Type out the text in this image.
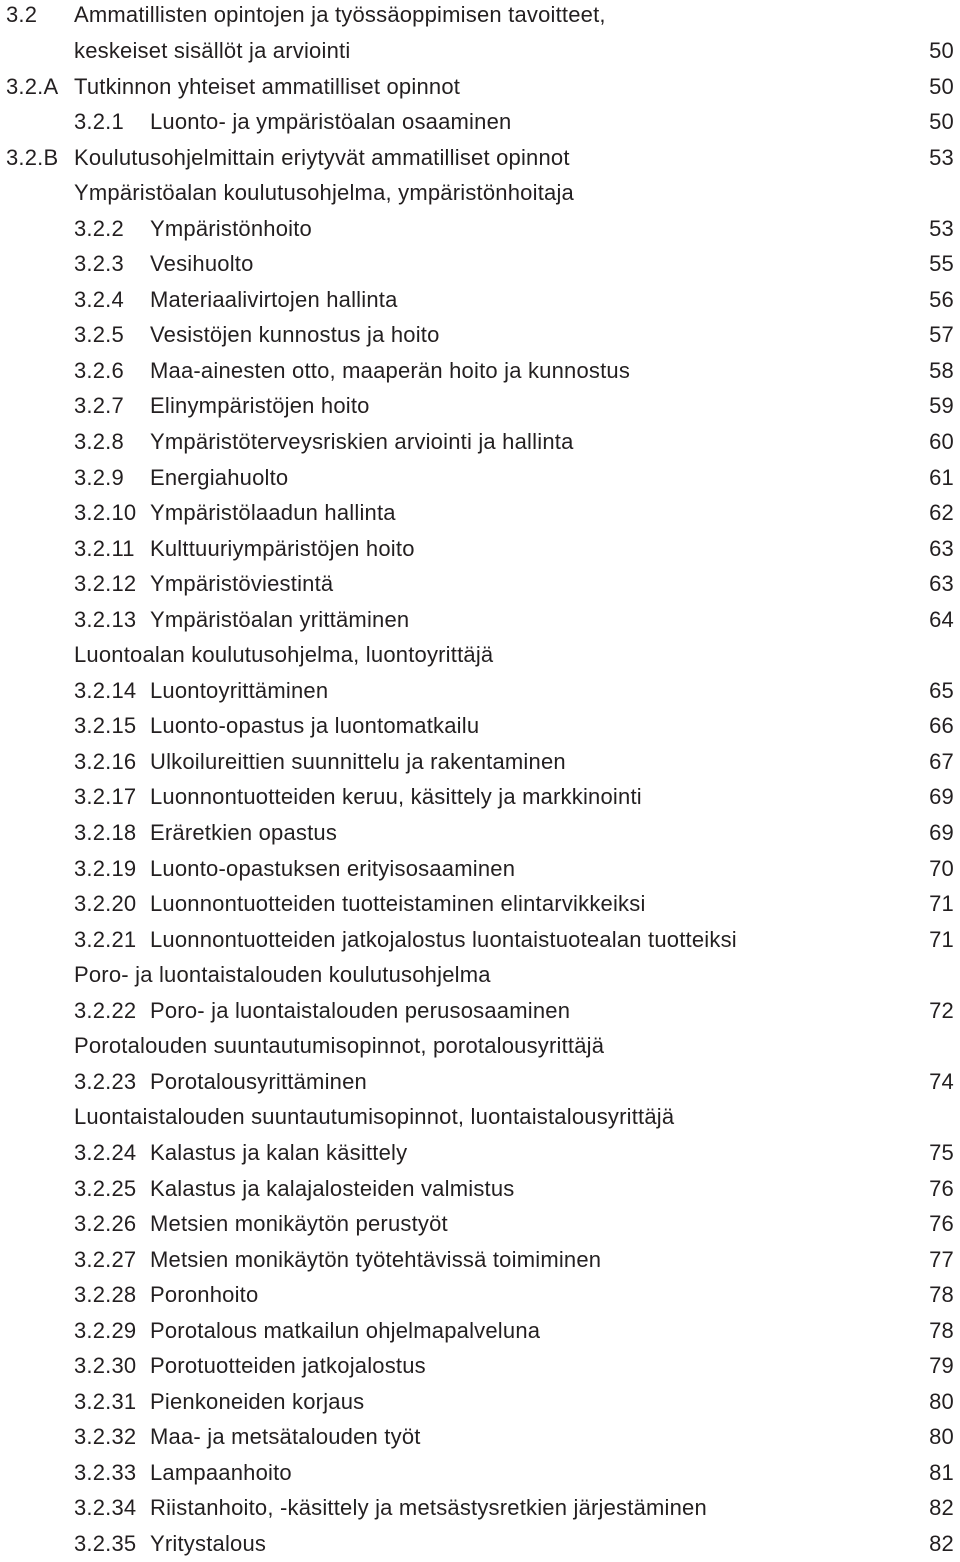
3.2 Ammatillisten opintojen ja työssäoppimisen tavoitteet,
keskeiset sisällöt ja arviointi	50
3.2.A Tutkinnon yhteiset ammatilliset opinnot	50
3.2.1 Luonto- ja ympäristöalan osaaminen	50
3.2.B Koulutusohjelmittain eriytyvät ammatilliset opinnot	53
Ympäristöalan koulutusohjelma, ympäristönhoitaja
3.2.2 Ympäristönhoito	53
3.2.3 Vesihuolto	55
3.2.4 Materiaalivirtojen hallinta	56
3.2.5 Vesistöjen kunnostus ja hoito	57
3.2.6 Maa-ainesten otto, maaperän hoito ja kunnostus	58
3.2.7 Elinympäristöjen hoito	59
3.2.8 Ympäristöterveysriskien arviointi ja hallinta	60
3.2.9 Energiahuolto	61
3.2.10 Ympäristölaadun hallinta	62
3.2.11 Kulttuuriympäristöjen hoito	63
3.2.12 Ympäristöviestintä	63
3.2.13 Ympäristöalan yrittäminen	64
Luontoalan koulutusohjelma, luontoyrittäjä
3.2.14 Luontoyrittäminen	65
3.2.15 Luonto-opastus ja luontomatkailu	66
3.2.16 Ulkoilureittien suunnittelu ja rakentaminen	67
3.2.17 Luonnontuotteiden keruu, käsittely ja markkinointi	69
3.2.18 Eräretkien opastus	69
3.2.19 Luonto-opastuksen erityisosaaminen	70
3.2.20 Luonnontuotteiden tuotteistaminen elintarvikkeiksi	71
3.2.21 Luonnontuotteiden jatkojalostus luontaistuotealan tuotteiksi	71
Poro- ja luontaistalouden koulutusohjelma
3.2.22 Poro- ja luontaistalouden perusosaaminen	72
Porotalouden suuntautumisopinnot, porotalousyrittäjä
3.2.23 Porotalousyrittäminen	74
Luontaistalouden suuntautumisopinnot, luontaistalousyrittäjä
3.2.24 Kalastus ja kalan käsittely	75
3.2.25 Kalastus ja kalajalosteiden valmistus	76
3.2.26 Metsien monikäytön perustyöt	76
3.2.27 Metsien monikäytön työtehtävissä toimiminen	77
3.2.28 Poronhoito	78
3.2.29 Porotalous matkailun ohjelmapalveluna	78
3.2.30 Porotuotteiden jatkojalostus	79
3.2.31 Pienkoneiden korjaus	80
3.2.32 Maa- ja metsätalouden työt	80
3.2.33 Lampaanhoito	81
3.2.34 Riistanhoito, -käsittely ja metsästysretkien järjestäminen	82
3.2.35 Yritystalous	82
